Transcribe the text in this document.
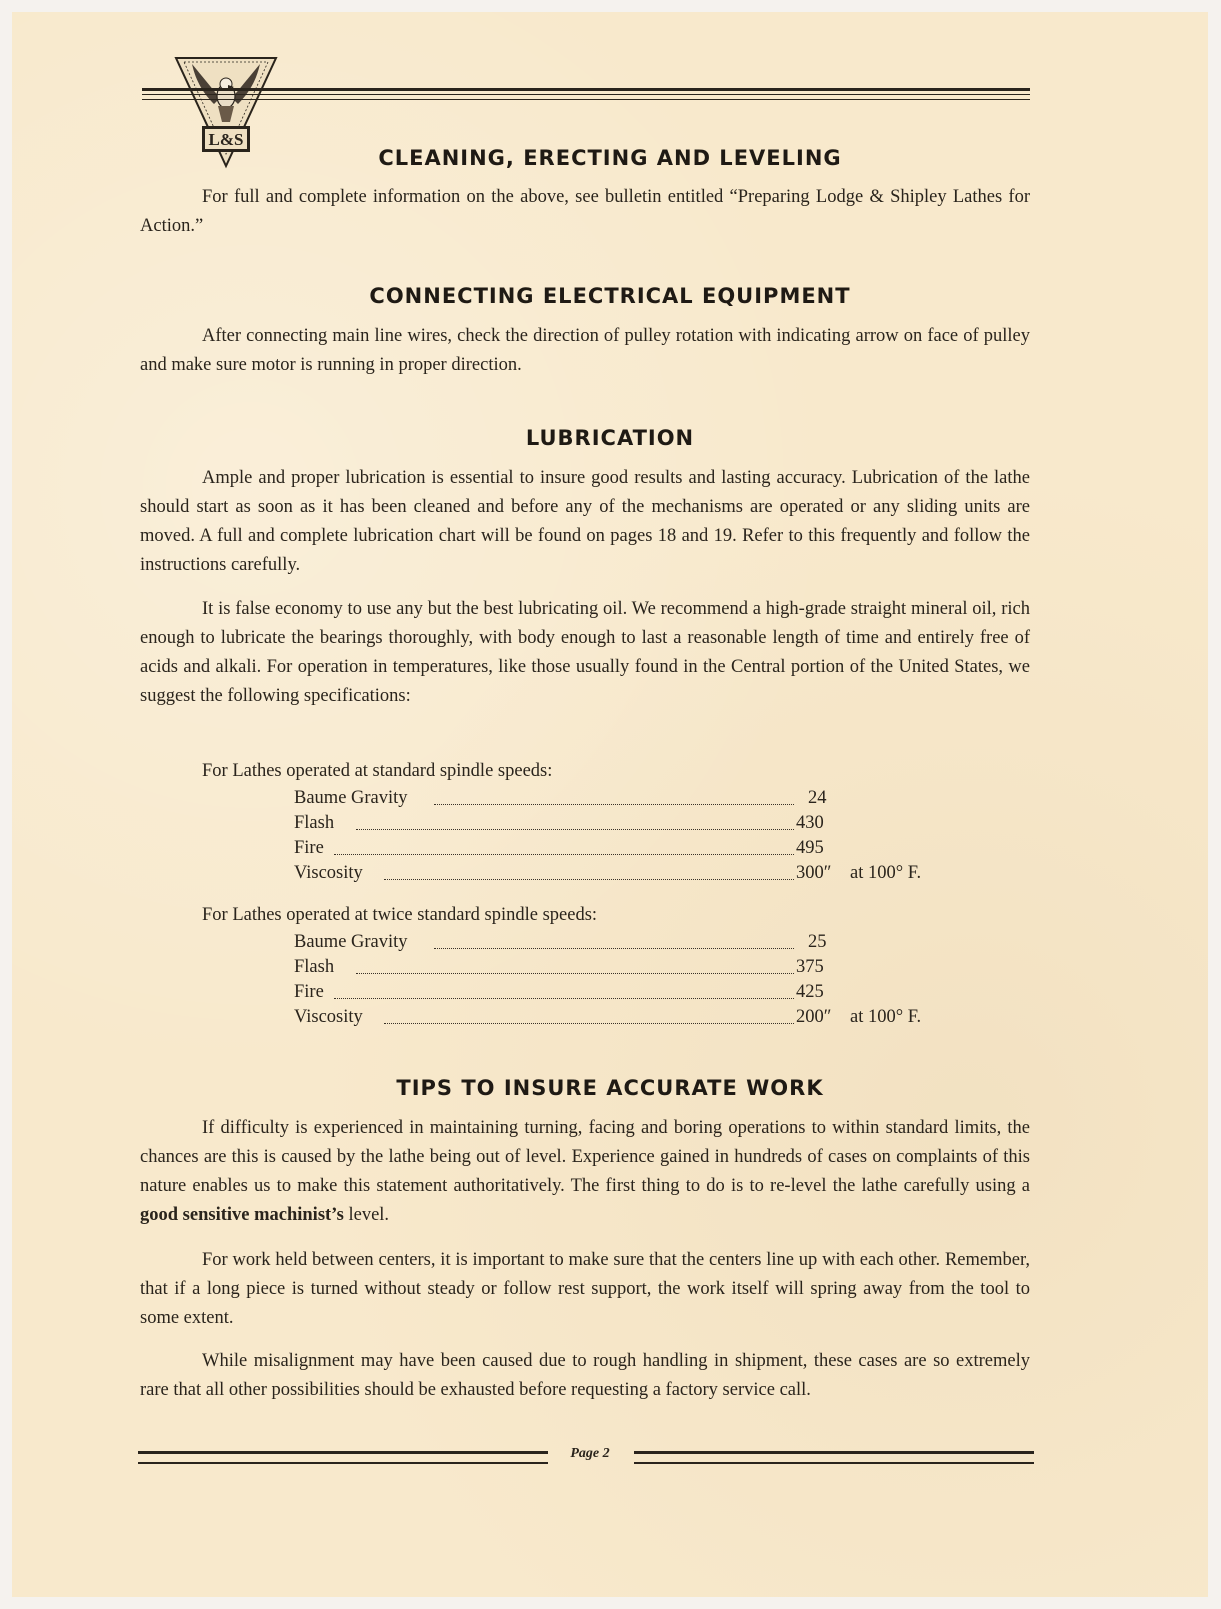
L&S
CLEANING, ERECTING AND LEVELING

For full and complete information on the above, see bulletin entitled “Preparing Lodge & Shipley Lathes for Action.”

CONNECTING ELECTRICAL EQUIPMENT

After connecting main line wires, check the direction of pulley rotation with indicating arrow on face of pulley and make sure motor is running in proper direction.

LUBRICATION

Ample and proper lubrication is essential to insure good results and lasting accuracy. Lubrication of the lathe should start as soon as it has been cleaned and before any of the mechanisms are operated or any sliding units are moved. A full and complete lubrication chart will be found on pages 18 and 19. Refer to this frequently and follow the instructions carefully.

It is false economy to use any but the best lubricating oil. We recommend a high-grade straight mineral oil, rich enough to lubricate the bearings thoroughly, with body enough to last a reasonable length of time and entirely free of acids and alkali. For operation in temperatures, like those usually found in the Central portion of the United States, we suggest the following specifications:

For Lathes operated at standard spindle speeds:

Baume Gravity	24
Flash	430
Fire	495
Viscosity	300″ at 100° F.

For Lathes operated at twice standard spindle speeds:

Baume Gravity	25
Flash	375
Fire	425
Viscosity	200″ at 100° F.
TIPS TO INSURE ACCURATE WORK

If difficulty is experienced in maintaining turning, facing and boring operations to within standard limits, the chances are this is caused by the lathe being out of level. Experience gained in hundreds of cases on complaints of this nature enables us to make this statement authoritatively. The first thing to do is to re-level the lathe carefully using a good sensitive machinist’s level.

For work held between centers, it is important to make sure that the centers line up with each other. Remember, that if a long piece is turned without steady or follow rest support, the work itself will spring away from the tool to some extent.

While misalignment may have been caused due to rough handling in shipment, these cases are so extremely rare that all other possibilities should be exhausted before requesting a factory service call.

Page 2
